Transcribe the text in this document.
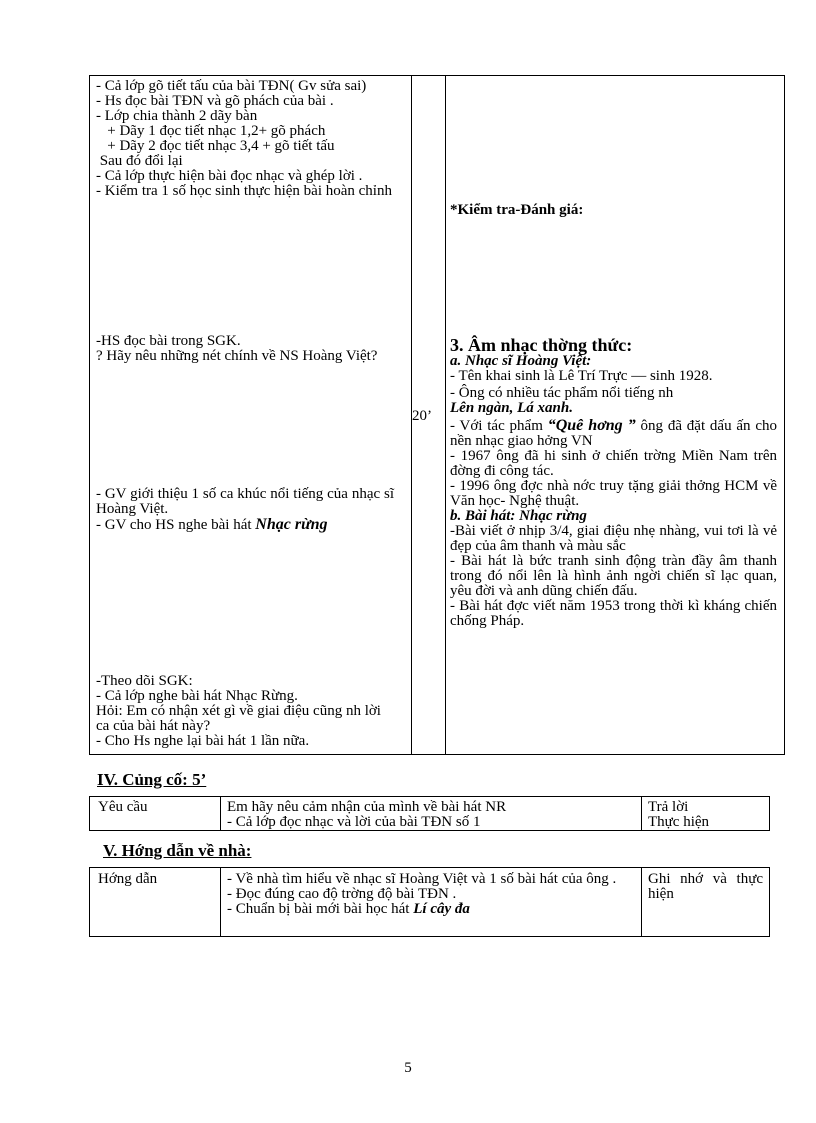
- Cả lớp gõ tiết tấu của bài TĐN( Gv sửa sai)

- Hs đọc bài TĐN và gõ phách của bài .

- Lớp chia thành 2 dãy bàn

+ Dãy 1 đọc tiết nhạc 1,2+ gõ phách

+ Dãy 2 đọc tiết nhạc 3,4 + gõ tiết tấu

Sau đó đổi lại

- Cả lớp thực hiện bài đọc nhạc và ghép lời .

- Kiểm tra 1 số học sinh thực hiện bài hoàn chỉnh

-HS đọc bài trong SGK.

? Hãy nêu những nét chính về NS Hoàng Việt?

- GV giới thiệu 1 số ca khúc nổi tiếng của nhạc sĩ Hoàng Việt.

- GV cho HS nghe bài hát Nhạc rừng

-Theo dõi SGK:

- Cả lớp nghe bài hát Nhạc Rừng.

Hỏi: Em có nhận xét gì về giai điệu cũng nh lời ca của bài hát này?

- Cho Hs nghe lại bài hát 1 lần nữa.

20’
*Kiểm tra-Đánh giá:

3. Âm nhạc thờng thức:

a. Nhạc sĩ Hoàng Việt:

- Tên khai sinh là Lê Trí Trực — sinh 1928.

- Ông có nhiều tác phẩm nổi tiếng nh

Lên ngàn, Lá xanh.

- Với tác phẩm “Quê hơng ” ông đã đặt dấu ấn cho nền nhạc giao hởng VN

- 1967 ông đã hi sinh ở chiến trờng Miền Nam trên đờng đi công tác.

- 1996 ông đợc nhà nớc truy tặng giải thởng HCM về Văn học- Nghệ thuật.

b. Bài hát: Nhạc rừng

-Bài viết ở nhịp 3/4, giai điệu nhẹ nhàng, vui tơi là vẻ đẹp của âm thanh và màu sắc

- Bài hát là bức tranh sinh động tràn đầy âm thanh trong đó nổi lên là hình ảnh ngời chiến sĩ lạc quan, yêu đời và anh dũng chiến đấu.

- Bài hát đợc viết năm 1953 trong thời kì kháng chiến chống Pháp.

IV. Củng cố: 5’
Yêu cầu	Em hãy nêu cảm nhận của mình về bài hát NR

- Cả lớp đọc nhạc và lời của bài TĐN số 1

Trả lời

Thực hiện

V. Hớng dẫn về nhà:
Hớng dẫn	- Về nhà tìm hiểu về nhạc sĩ Hoàng Việt và 1 số bài hát của ông .

- Đọc đúng cao độ trờng độ bài TĐN .

- Chuẩn bị bài mới bài học hát Lí cây đa

Ghi nhớ và thực hiện
5
